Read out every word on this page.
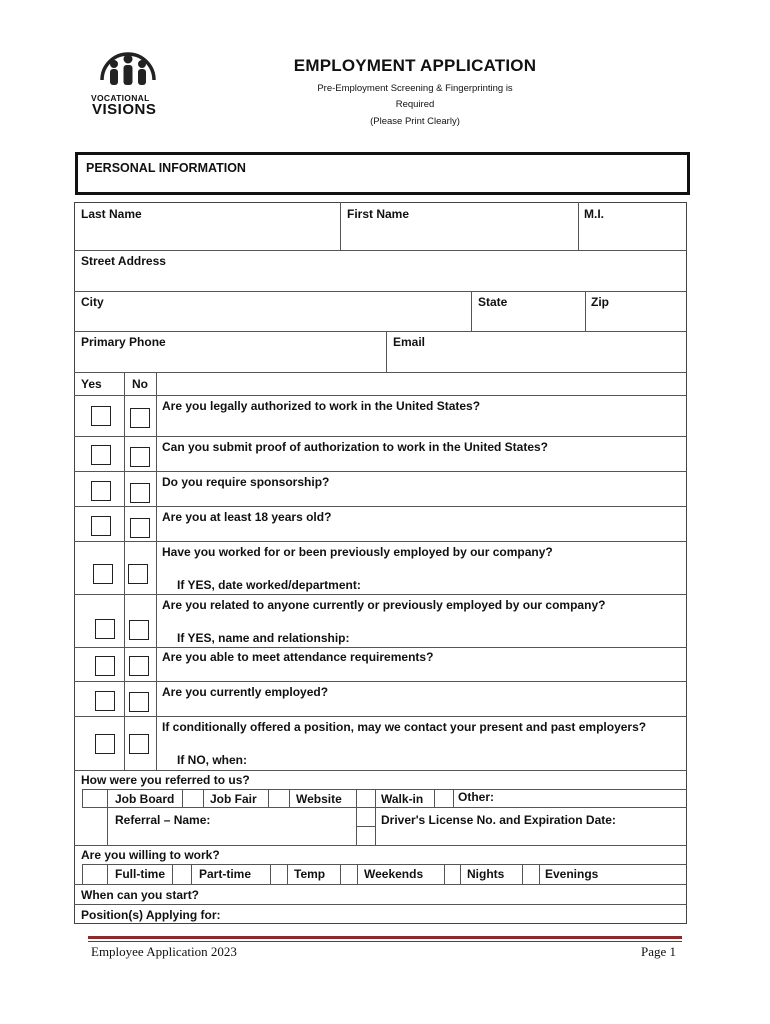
VOCATIONAL
VISIONS
EMPLOYMENT APPLICATION
Pre-Employment Screening & Fingerprinting is
Required
(Please Print Clearly)
PERSONAL INFORMATION
Last Name	First Name	M.I.
Street Address
City	State	Zip
Primary Phone	Email
Yes	No
Are you legally authorized to work in the United States?
Can you submit proof of authorization to work in the United States?
Do you require sponsorship?
Are you at least 18 years old?
Have you worked for or been previously employed by our company?
If YES, date worked/department:
Are you related to anyone currently or previously employed by our company?
If YES, name and relationship:
Are you able to meet attendance requirements?
Are you currently employed?
If conditionally offered a position, may we contact your present and past employers?
If NO, when:
How were you referred to us?
Job Board	Job Fair	Website	Walk-in	Other:
Referral – Name:	Driver's License No. and Expiration Date:
Are you willing to work?
Full-time	Part-time	Temp	Weekends	Nights	Evenings
When can you start?
Position(s) Applying for:
Employee Application 2023	Page 1
